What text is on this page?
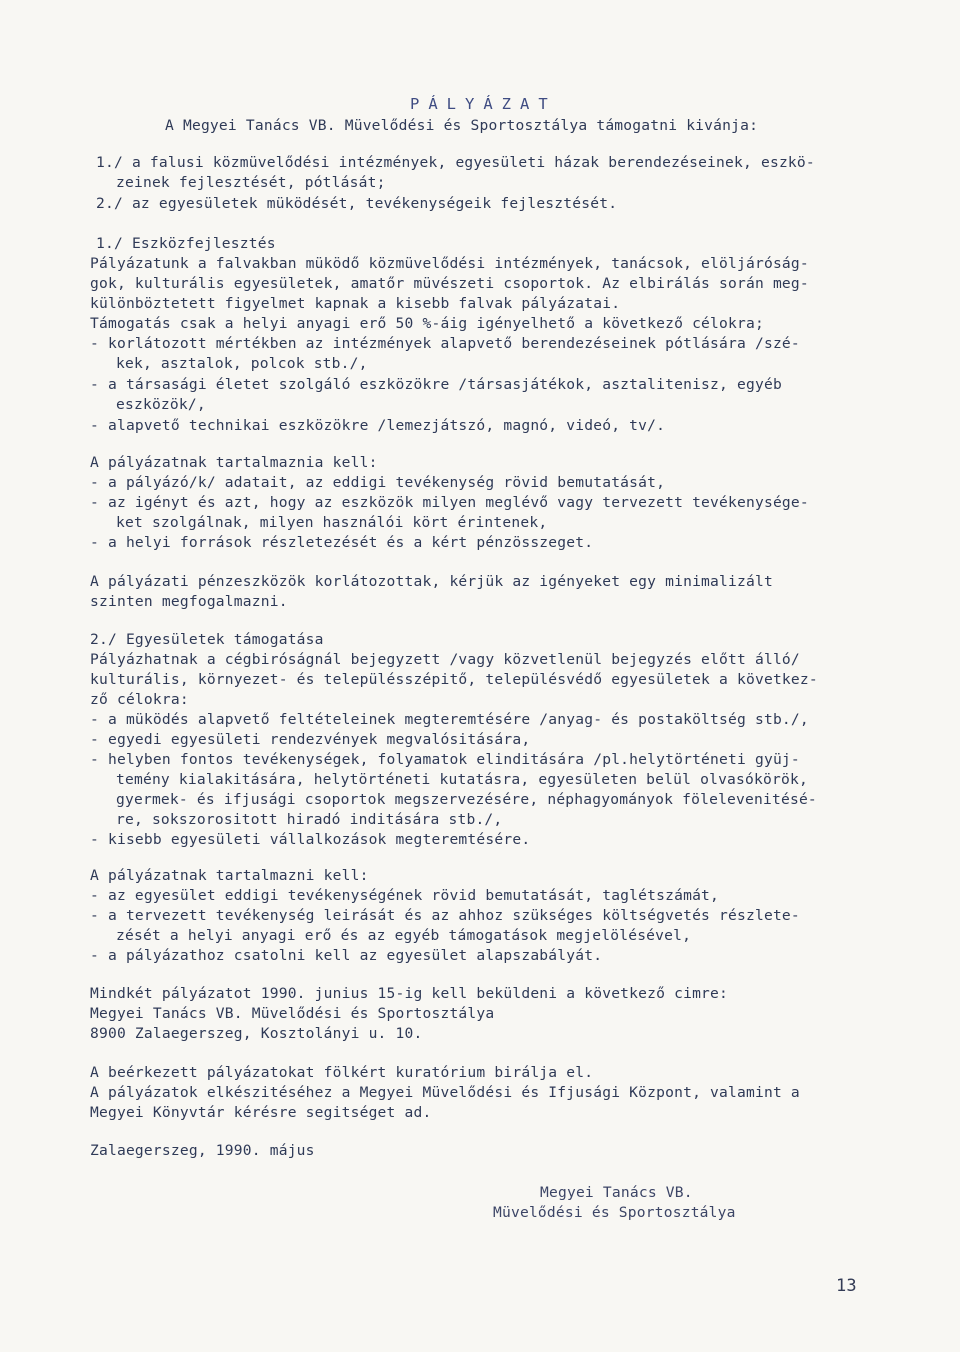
PÁLYÁZAT
A Megyei Tanács VB. Müvelődési és Sportosztálya támogatni kivánja:
1./ a falusi közmüvelődési intézmények, egyesületi házak berendezéseinek, eszkö-
zeinek fejlesztését, pótlását;
2./ az egyesületek müködését, tevékenységeik fejlesztését.
1./ Eszközfejlesztés
Pályázatunk a falvakban müködő közmüvelődési intézmények, tanácsok, elöljáróság-
gok, kulturális egyesületek, amatőr müvészeti csoportok. Az elbirálás során meg-
különböztetett figyelmet kapnak a kisebb falvak pályázatai.
Támogatás csak a helyi anyagi erő 50 %-áig igényelhető a következő célokra;
- korlátozott mértékben az intézmények alapvető berendezéseinek pótlására /szé-
kek, asztalok, polcok stb./,
- a társasági életet szolgáló eszközökre /társasjátékok, asztalitenisz, egyéb
eszközök/,
- alapvető technikai eszközökre /lemezjátszó, magnó, videó, tv/.
A pályázatnak tartalmaznia kell:
- a pályázó/k/ adatait, az eddigi tevékenység rövid bemutatását,
- az igényt és azt, hogy az eszközök milyen meglévő vagy tervezett tevékenysége-
ket szolgálnak, milyen használói kört érintenek,
- a helyi források részletezését és a kért pénzösszeget.
A pályázati pénzeszközök korlátozottak, kérjük az igényeket egy minimalizált
szinten megfogalmazni.
2./ Egyesületek támogatása
Pályázhatnak a cégbiróságnál bejegyzett /vagy közvetlenül bejegyzés előtt álló/
kulturális, környezet- és településszépitő, településvédő egyesületek a következ-
ző célokra:
- a müködés alapvető feltételeinek megteremtésére /anyag- és postaköltség stb./,
- egyedi egyesületi rendezvények megvalósitására,
- helyben fontos tevékenységek, folyamatok elinditására /pl.helytörténeti gyüj-
temény kialakitására, helytörténeti kutatásra, egyesületen belül olvasókörök,
gyermek- és ifjusági csoportok megszervezésére, néphagyományok fölelevenitésé-
re, sokszorositott hiradó inditására stb./,
- kisebb egyesületi vállalkozások megteremtésére.
A pályázatnak tartalmazni kell:
- az egyesület eddigi tevékenységének rövid bemutatását, taglétszámát,
- a tervezett tevékenység leirását és az ahhoz szükséges költségvetés részlete-
zését a helyi anyagi erő és az egyéb támogatások megjelölésével,
- a pályázathoz csatolni kell az egyesület alapszabályát.
Mindkét pályázatot 1990. junius 15-ig kell beküldeni a következő cimre:
Megyei Tanács VB. Müvelődési és Sportosztálya
8900 Zalaegerszeg, Kosztolányi u. 10.
A beérkezett pályázatokat fölkért kuratórium birálja el.
A pályázatok elkészitéséhez a Megyei Müvelődési és Ifjusági Központ, valamint a
Megyei Könyvtár kérésre segitséget ad.
Zalaegerszeg, 1990. május
Megyei Tanács VB.
Müvelődési és Sportosztálya
13
